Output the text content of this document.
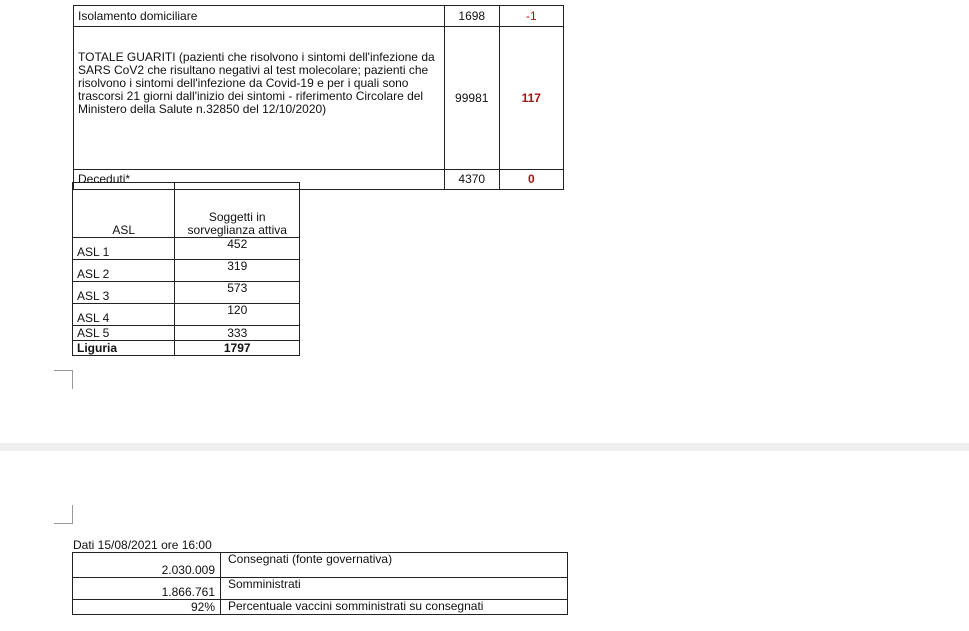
Isolamento domiciliare	1698	-1
TOTALE GUARITI (pazienti che risolvono i sintomi dell'infezione da SARS CoV2 che risultano negativi al test molecolare; pazienti che risolvono i sintomi dell'infezione da Covid-19 e per i quali sono trascorsi 21 giorni dall'inizio dei sintomi - riferimento Circolare del Ministero della Salute n.32850 del 12/10/2020)	99981	117
Deceduti*	4370	0
ASL	Soggetti in sorveglianza attiva
ASL 1	452
ASL 2	319
ASL 3	573
ASL 4	120
ASL 5	333
Liguria	1797
Dati 15/08/2021 ore 16:00
2.030.009	Consegnati (fonte governativa)
1.866.761	Somministrati
92%	Percentuale vaccini somministrati su consegnati
